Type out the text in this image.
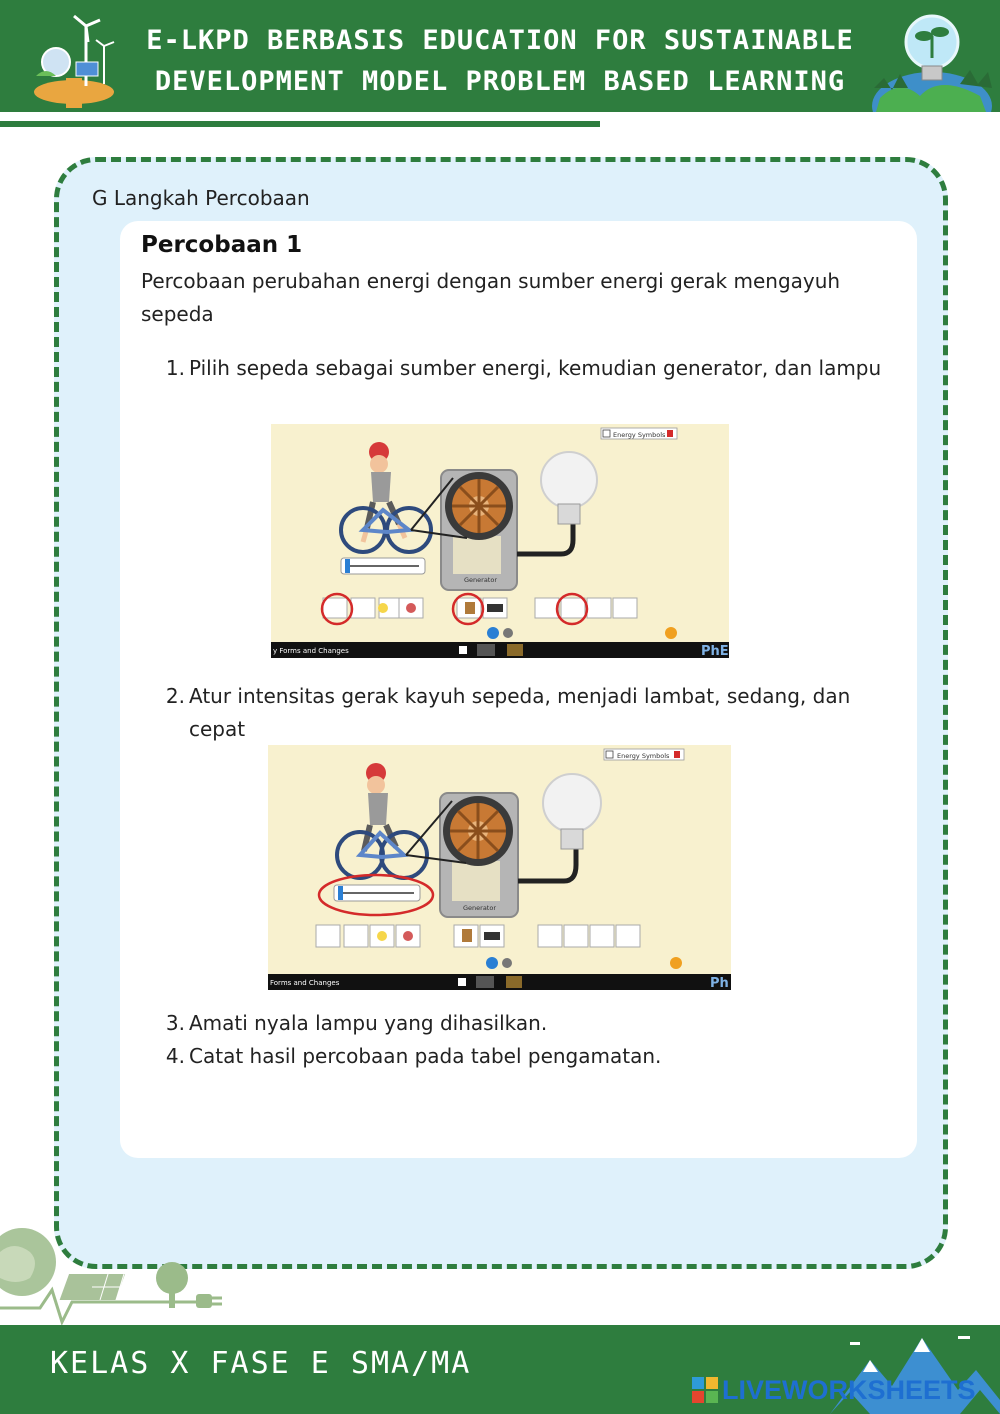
E-LKPD BERBASIS EDUCATION FOR SUSTAINABLE
DEVELOPMENT MODEL PROBLEM BASED LEARNING
G Langkah Percobaan
Percobaan 1
Percobaan perubahan energi dengan sumber energi gerak mengayuh sepeda
1. Pilih sepeda sebagai sumber energi, kemudian generator, dan lampu
Energy Symbols
Generator
y Forms and Changes	PhE
2. Atur intensitas gerak kayuh sepeda, menjadi lambat, sedang, dan cepat
Energy Symbols
Generator
Forms and Changes	Ph
3. Amati nyala lampu yang dihasilkan.
4. Catat hasil percobaan pada tabel pengamatan.
KELAS X FASE E SMA/MA
LIVEWORKSHEETS
